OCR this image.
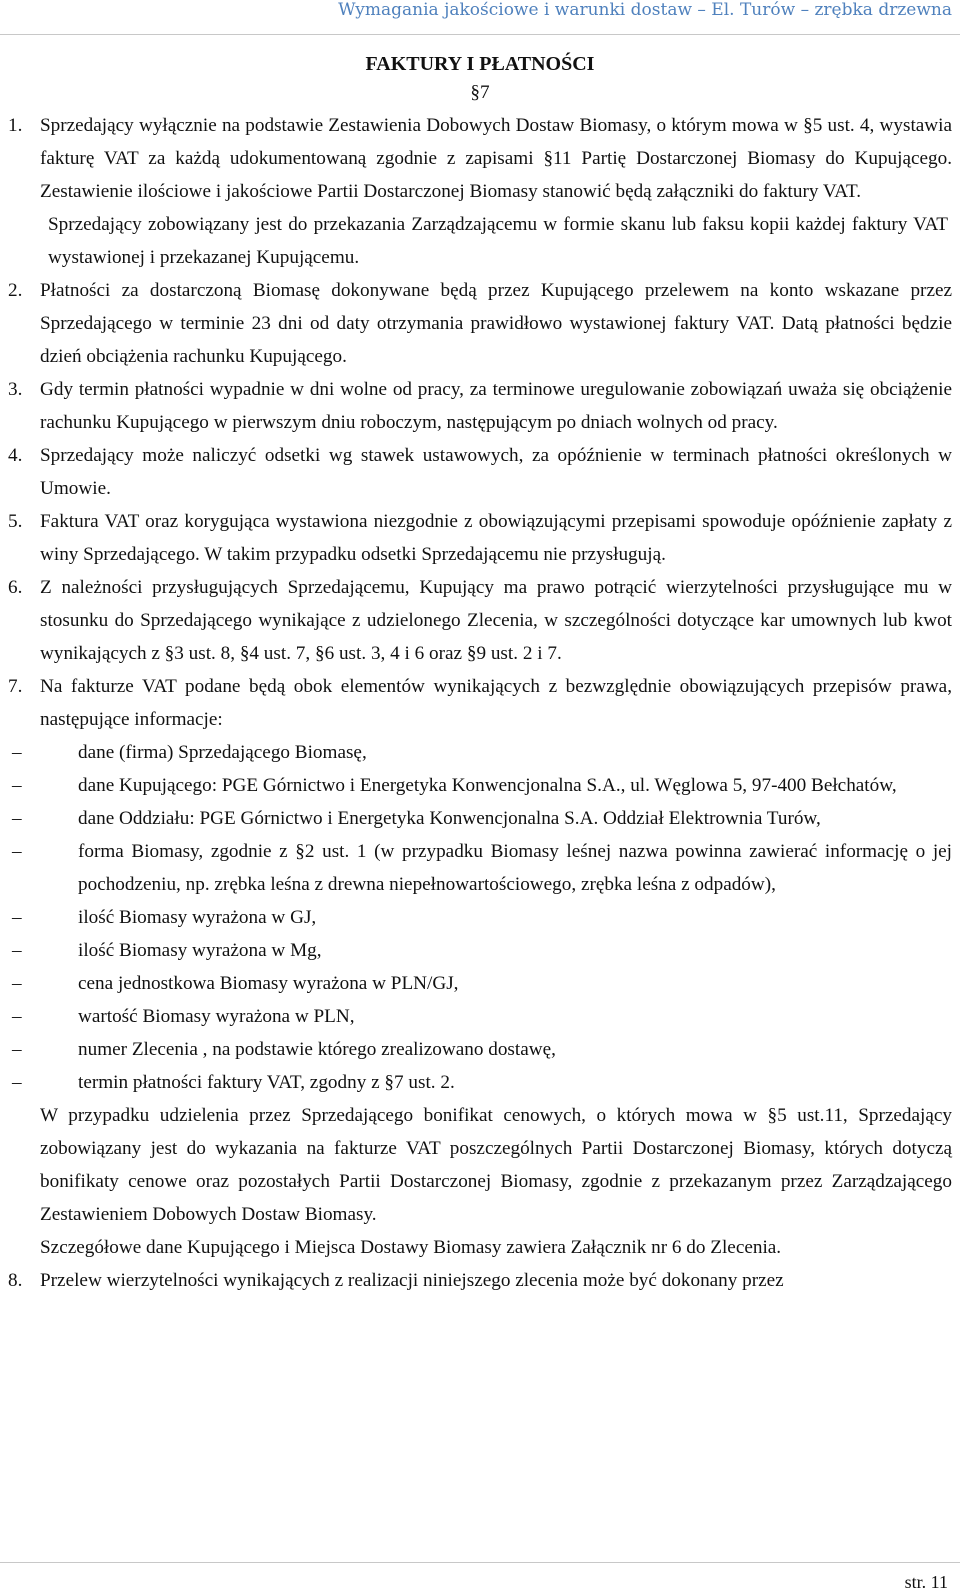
Wymagania jakościowe i warunki dostaw – El. Turów – zrębka drzewna

FAKTURY I PŁATNOŚCI

§7

1. Sprzedający wyłącznie na podstawie Zestawienia Dobowych Dostaw Biomasy, o którym mowa w §5 ust. 4, wystawia fakturę VAT za każdą udokumentowaną zgodnie z zapisami §11 Partię Dostarczonej Biomasy do Kupującego. Zestawienie ilościowe i jakościowe Partii Dostarczonej Biomasy stanowić będą załączniki do faktury VAT.

Sprzedający zobowiązany jest do przekazania Zarządzającemu w formie skanu lub faksu kopii każdej faktury VAT wystawionej i przekazanej Kupującemu.

2. Płatności za dostarczoną Biomasę dokonywane będą przez Kupującego przelewem na konto wskazane przez Sprzedającego w terminie 23 dni od daty otrzymania prawidłowo wystawionej faktury VAT. Datą płatności będzie dzień obciążenia rachunku Kupującego.
3. Gdy termin płatności wypadnie w dni wolne od pracy, za terminowe uregulowanie zobowiązań uważa się obciążenie rachunku Kupującego w pierwszym dniu roboczym, następującym po dniach wolnych od pracy.
4. Sprzedający może naliczyć odsetki wg stawek ustawowych, za opóźnienie w terminach płatności określonych w Umowie.
5. Faktura VAT oraz korygująca wystawiona niezgodnie z obowiązującymi przepisami spowoduje opóźnienie zapłaty z winy Sprzedającego. W takim przypadku odsetki Sprzedającemu nie przysługują.
6. Z należności przysługujących Sprzedającemu, Kupujący ma prawo potrącić wierzytelności przysługujące mu w stosunku do Sprzedającego wynikające z udzielonego Zlecenia, w szczególności dotyczące kar umownych lub kwot wynikających z §3 ust. 8, §4 ust. 7, §6 ust. 3, 4 i 6 oraz §9 ust. 2 i 7.
7. Na fakturze VAT podane będą obok elementów wynikających z bezwzględnie obowiązujących przepisów prawa, następujące informacje:
–	dane (firma) Sprzedającego Biomasę,
–	dane Kupującego: PGE Górnictwo i Energetyka Konwencjonalna S.A., ul. Węglowa 5, 97-400 Bełchatów,
–	dane Oddziału: PGE Górnictwo i Energetyka Konwencjonalna S.A. Oddział Elektrownia Turów,
–	forma Biomasy, zgodnie z §2 ust. 1 (w przypadku Biomasy leśnej nazwa powinna zawierać informację o jej pochodzeniu, np. zrębka leśna z drewna niepełnowartościowego, zrębka leśna z odpadów),
–	ilość Biomasy wyrażona w GJ,
–	ilość Biomasy wyrażona w Mg,
–	cena jednostkowa Biomasy wyrażona w PLN/GJ,
–	wartość Biomasy wyrażona w PLN,
–	numer Zlecenia , na podstawie którego zrealizowano dostawę,
–	termin płatności faktury VAT, zgodny z §7 ust. 2.

W przypadku udzielenia przez Sprzedającego bonifikat cenowych, o których mowa w §5 ust.11, Sprzedający zobowiązany jest do wykazania na fakturze VAT poszczególnych Partii Dostarczonej Biomasy, których dotyczą bonifikaty cenowe oraz pozostałych Partii Dostarczonej Biomasy, zgodnie z przekazanym przez Zarządzającego Zestawieniem Dobowych Dostaw Biomasy.

Szczegółowe dane Kupującego i Miejsca Dostawy Biomasy zawiera Załącznik nr 6 do Zlecenia.

8. Przelew wierzytelności wynikających z realizacji niniejszego zlecenia może być dokonany przez
str. 11
